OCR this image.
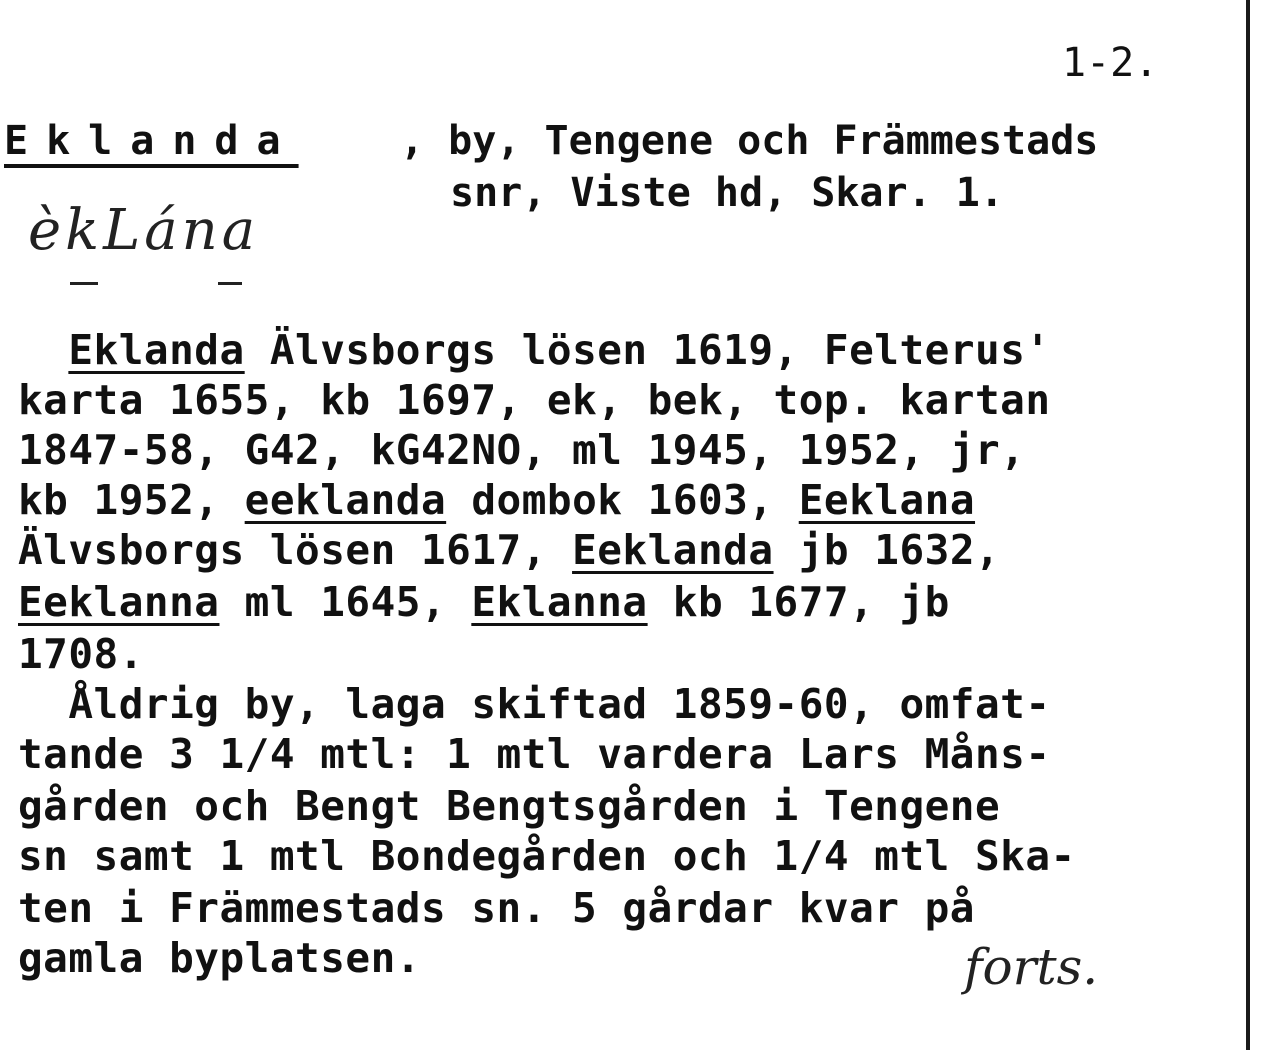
1-2.
Eklanda	, by, Tengene och Främmestads
snr, Viste hd, Skar. 1.
èkLána
Eklanda Älvsborgs lösen 1619, Felterus'
karta 1655, kb 1697, ek, bek, top. kartan
1847-58, G42, kG42NO, ml 1945, 1952, jr,
kb 1952, eeklanda dombok 1603, Eeklana
Älvsborgs lösen 1617, Eeklanda jb 1632,
Eeklanna ml 1645, Eklanna kb 1677, jb
1708.
Åldrig by, laga skiftad 1859-60, omfat-
tande 3 1/4 mtl: 1 mtl vardera Lars Måns-
gården och Bengt Bengtsgården i Tengene
sn samt 1 mtl Bondegården och 1/4 mtl Ska-
ten i Främmestads sn. 5 gårdar kvar på
gamla byplatsen.	forts.
